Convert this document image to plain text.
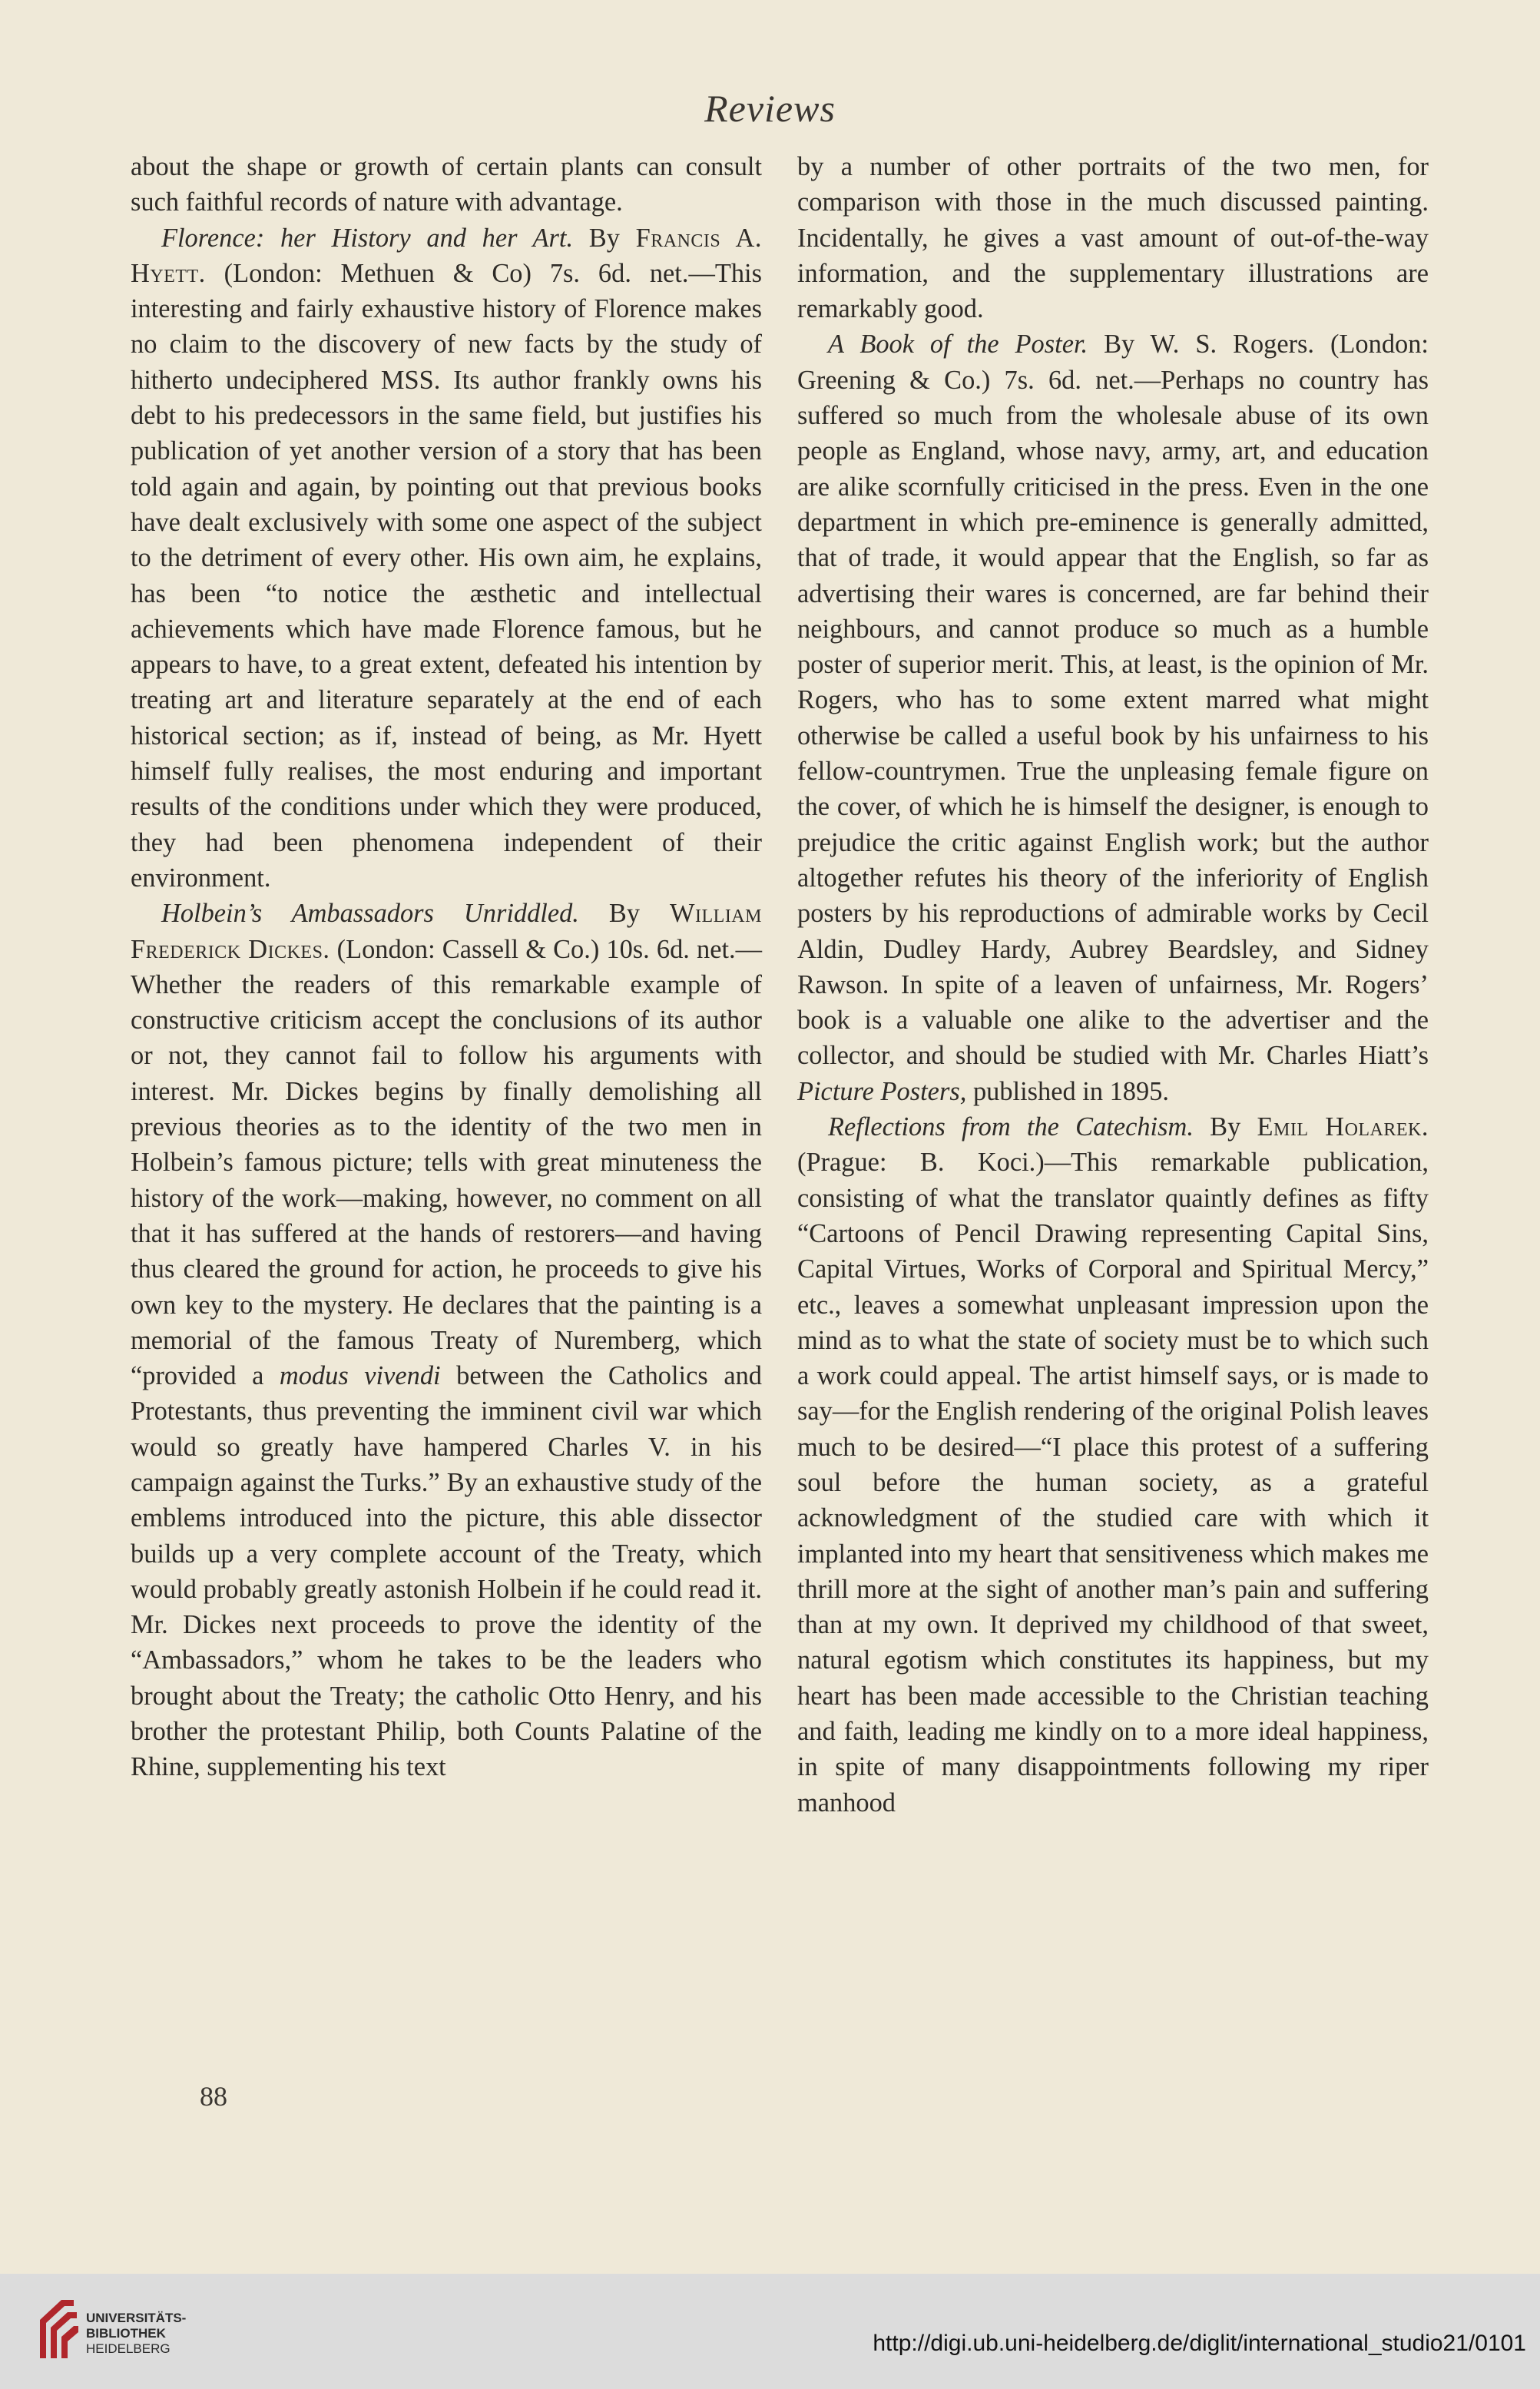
Reviews

about the shape or growth of certain plants can consult such faithful records of nature with advantage.

Florence: her History and her Art. By Francis A. Hyett. (London: Methuen & Co) 7s. 6d. net.—This interesting and fairly exhaustive history of Florence makes no claim to the discovery of new facts by the study of hitherto undeciphered MSS. Its author frankly owns his debt to his predecessors in the same field, but justifies his publication of yet another version of a story that has been told again and again, by pointing out that previous books have dealt exclusively with some one aspect of the subject to the detriment of every other. His own aim, he explains, has been “to notice the æsthetic and intellectual achievements which have made Florence famous, but he appears to have, to a great extent, defeated his intention by treating art and literature separately at the end of each historical section; as if, instead of being, as Mr. Hyett himself fully realises, the most enduring and important results of the conditions under which they were produced, they had been phenomena independent of their environment.

Holbein’s Ambassadors Unriddled. By William Frederick Dickes. (London: Cassell & Co.) 10s. 6d. net.—Whether the readers of this remarkable example of constructive criticism accept the conclusions of its author or not, they cannot fail to follow his arguments with interest. Mr. Dickes begins by finally demolishing all previous theories as to the identity of the two men in Holbein’s famous picture; tells with great minuteness the history of the work—making, however, no comment on all that it has suffered at the hands of restorers—and having thus cleared the ground for action, he proceeds to give his own key to the mystery. He declares that the painting is a memorial of the famous Treaty of Nuremberg, which “provided a modus vivendi between the Catholics and Protestants, thus preventing the imminent civil war which would so greatly have hampered Charles V. in his campaign against the Turks.” By an exhaustive study of the emblems introduced into the picture, this able dissector builds up a very complete account of the Treaty, which would probably greatly astonish Holbein if he could read it. Mr. Dickes next proceeds to prove the identity of the “Ambassadors,” whom he takes to be the leaders who brought about the Treaty; the catholic Otto Henry, and his brother the protestant Philip, both Counts Palatine of the Rhine, supplementing his text

by a number of other portraits of the two men, for comparison with those in the much discussed painting. Incidentally, he gives a vast amount of out-of-the-way information, and the supplementary illustrations are remarkably good.

A Book of the Poster. By W. S. Rogers. (London: Greening & Co.) 7s. 6d. net.—Perhaps no country has suffered so much from the wholesale abuse of its own people as England, whose navy, army, art, and education are alike scornfully criticised in the press. Even in the one department in which pre-eminence is generally admitted, that of trade, it would appear that the English, so far as advertising their wares is concerned, are far behind their neighbours, and cannot produce so much as a humble poster of superior merit. This, at least, is the opinion of Mr. Rogers, who has to some extent marred what might otherwise be called a useful book by his unfairness to his fellow-countrymen. True the unpleasing female figure on the cover, of which he is himself the designer, is enough to prejudice the critic against English work; but the author altogether refutes his theory of the inferiority of English posters by his reproductions of admirable works by Cecil Aldin, Dudley Hardy, Aubrey Beardsley, and Sidney Rawson. In spite of a leaven of unfairness, Mr. Rogers’ book is a valuable one alike to the advertiser and the collector, and should be studied with Mr. Charles Hiatt’s Picture Posters, published in 1895.

Reflections from the Catechism. By Emil Holarek. (Prague: B. Koci.)—This remarkable publication, consisting of what the translator quaintly defines as fifty “Cartoons of Pencil Drawing representing Capital Sins, Capital Virtues, Works of Corporal and Spiritual Mercy,” etc., leaves a somewhat unpleasant impression upon the mind as to what the state of society must be to which such a work could appeal. The artist himself says, or is made to say—for the English rendering of the original Polish leaves much to be desired—“I place this protest of a suffering soul before the human society, as a grateful acknowledgment of the studied care with which it implanted into my heart that sensitiveness which makes me thrill more at the sight of another man’s pain and suffering than at my own. It deprived my childhood of that sweet, natural egotism which constitutes its happiness, but my heart has been made accessible to the Christian teaching and faith, leading me kindly on to a more ideal happiness, in spite of many disappointments following my riper manhood

88
UNIVERSITÄTS-
BIBLIOTHEK
HEIDELBERG	http://digi.ub.uni-heidelberg.de/diglit/international_studio21/0101
